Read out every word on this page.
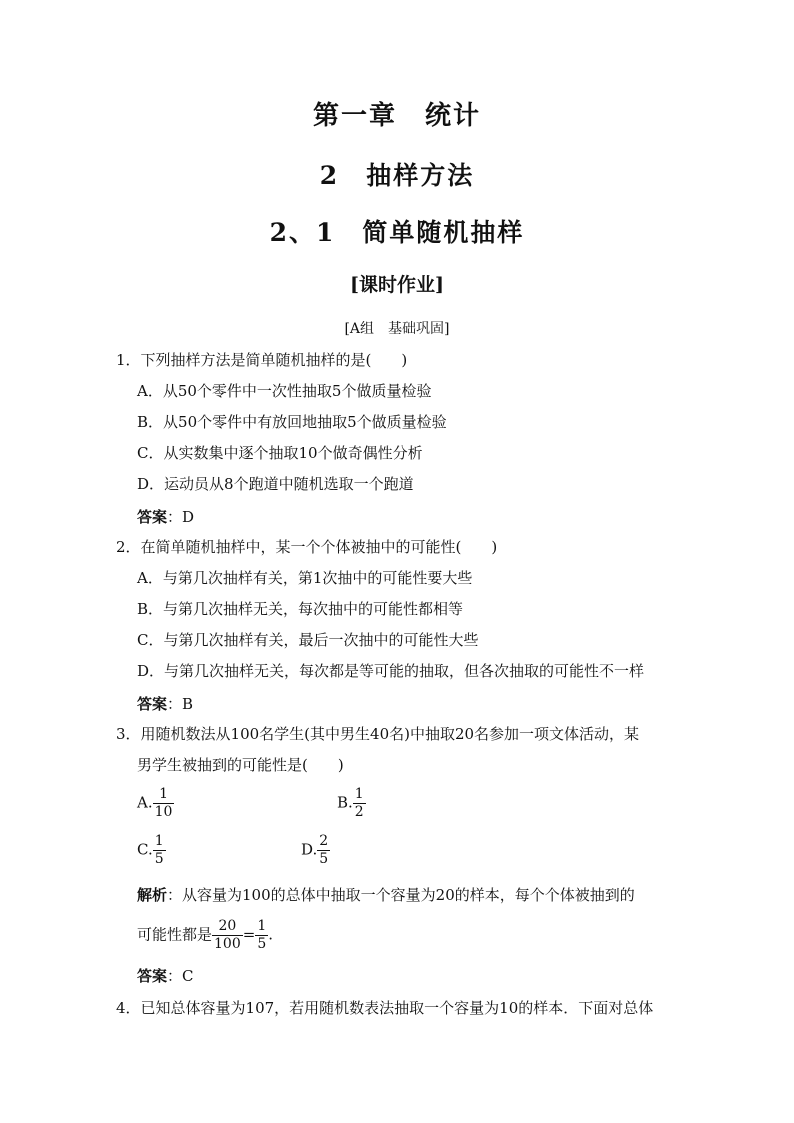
第一章　统计
2　抽样方法
2、1　简单随机抽样
[课时作业]
[A组　基础巩固]
1．下列抽样方法是简单随机抽样的是(　　)
A．从50个零件中一次性抽取5个做质量检验
B．从50个零件中有放回地抽取5个做质量检验
C．从实数集中逐个抽取10个做奇偶性分析
D．运动员从8个跑道中随机选取一个跑道
答案：D
2．在简单随机抽样中，某一个个体被抽中的可能性(　　)
A．与第几次抽样有关，第1次抽中的可能性要大些
B．与第几次抽样无关，每次抽中的可能性都相等
C．与第几次抽样有关，最后一次抽中的可能性大些
D．与第几次抽样无关，每次都是等可能的抽取，但各次抽取的可能性不一样
答案：B
3．用随机数法从100名学生(其中男生40名)中抽取20名参加一项文体活动，某
男学生被抽到的可能性是(　　)
A. $\frac{1}{10}$	B. $\frac{1}{2}$
C. $\frac{1}{5}$	D. $\frac{2}{5}$
解析：从容量为100的总体中抽取一个容量为20的样本，每个个体被抽到的
可能性都是 $\frac{20}{100} = \frac{1}{5}$ .
答案：C
4．已知总体容量为107，若用随机数表法抽取一个容量为10的样本．下面对总体
